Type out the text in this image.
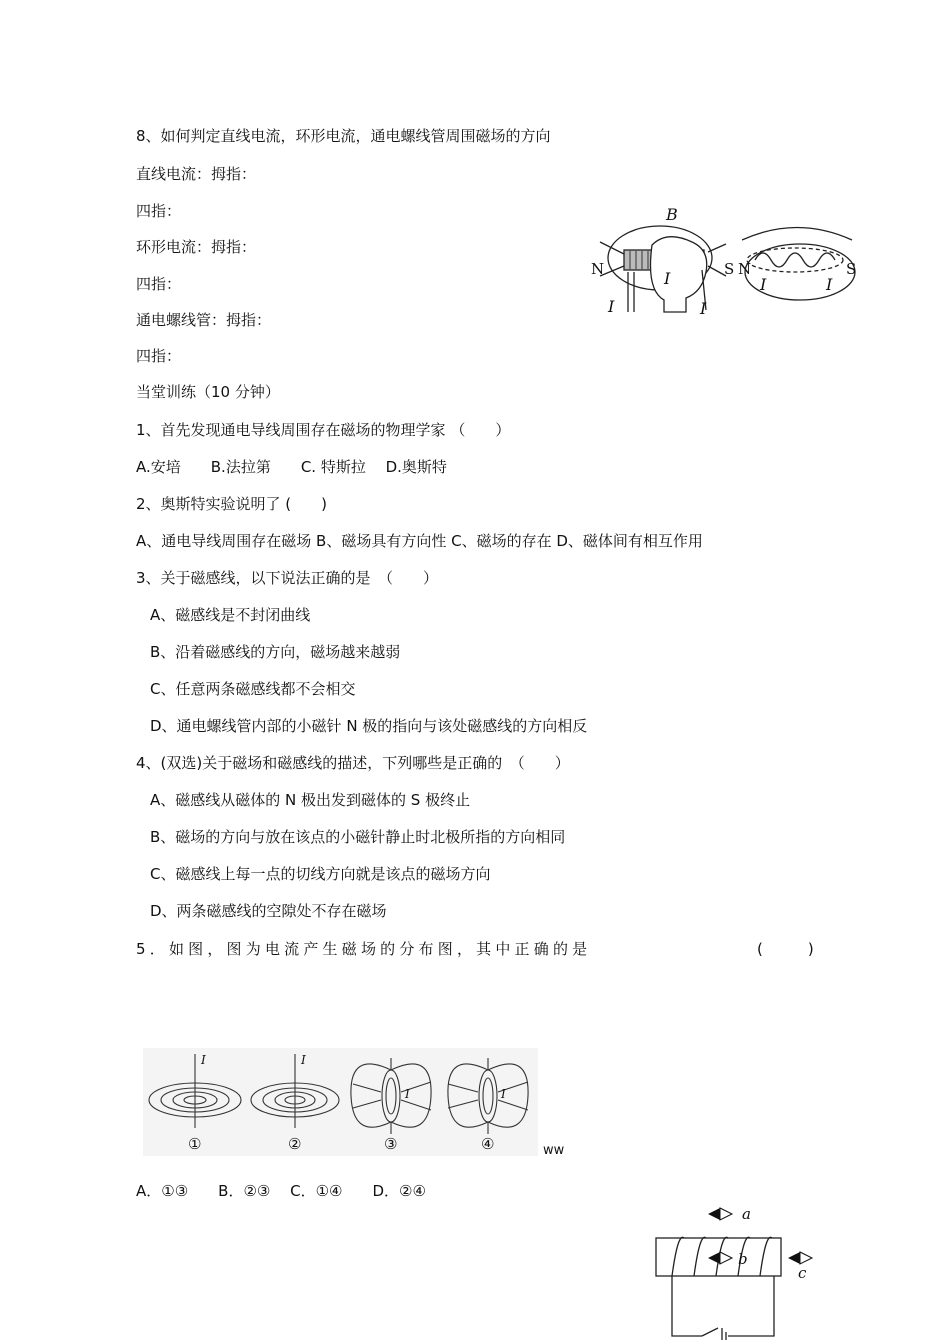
8、如何判定直线电流，环形电流，通电螺线管周围磁场的方向
直线电流：拇指：
四指：
环形电流：拇指：
四指：
通电螺线管：拇指：
四指：
B
I
I	I
I	I
N	S N	S
当堂训练（10 分钟）
1、首先发现通电导线周围存在磁场的物理学家 （　　）
A.安培　　B.法拉第　　C. 特斯拉　 D.奥斯特
2、奥斯特实验说明了 (　　)
A、通电导线周围存在磁场 B、磁场具有方向性 C、磁场的存在 D、磁体间有相互作用
3、关于磁感线，以下说法正确的是　（　　）
A、磁感线是不封闭曲线
B、沿着磁感线的方向，磁场越来越弱
C、任意两条磁感线都不会相交
D、通电螺线管内部的小磁针 N 极的指向与该处磁感线的方向相反
4、(双选)关于磁场和磁感线的描述，下列哪些是正确的　（　　）
A、磁感线从磁体的 N 极出发到磁体的 S 极终止
B、磁场的方向与放在该点的小磁针静止时北极所指的方向相同
C、磁感线上每一点的切线方向就是该点的磁场方向
D、两条磁感线的空隙处不存在磁场
5．如图，图为电流产生磁场的分布图，其中正确的是	(　　　)
I	I
I	I
①	②	③	④	ww
A．①③　　B．②③　 C．①④　　D．②④
a
b
c
